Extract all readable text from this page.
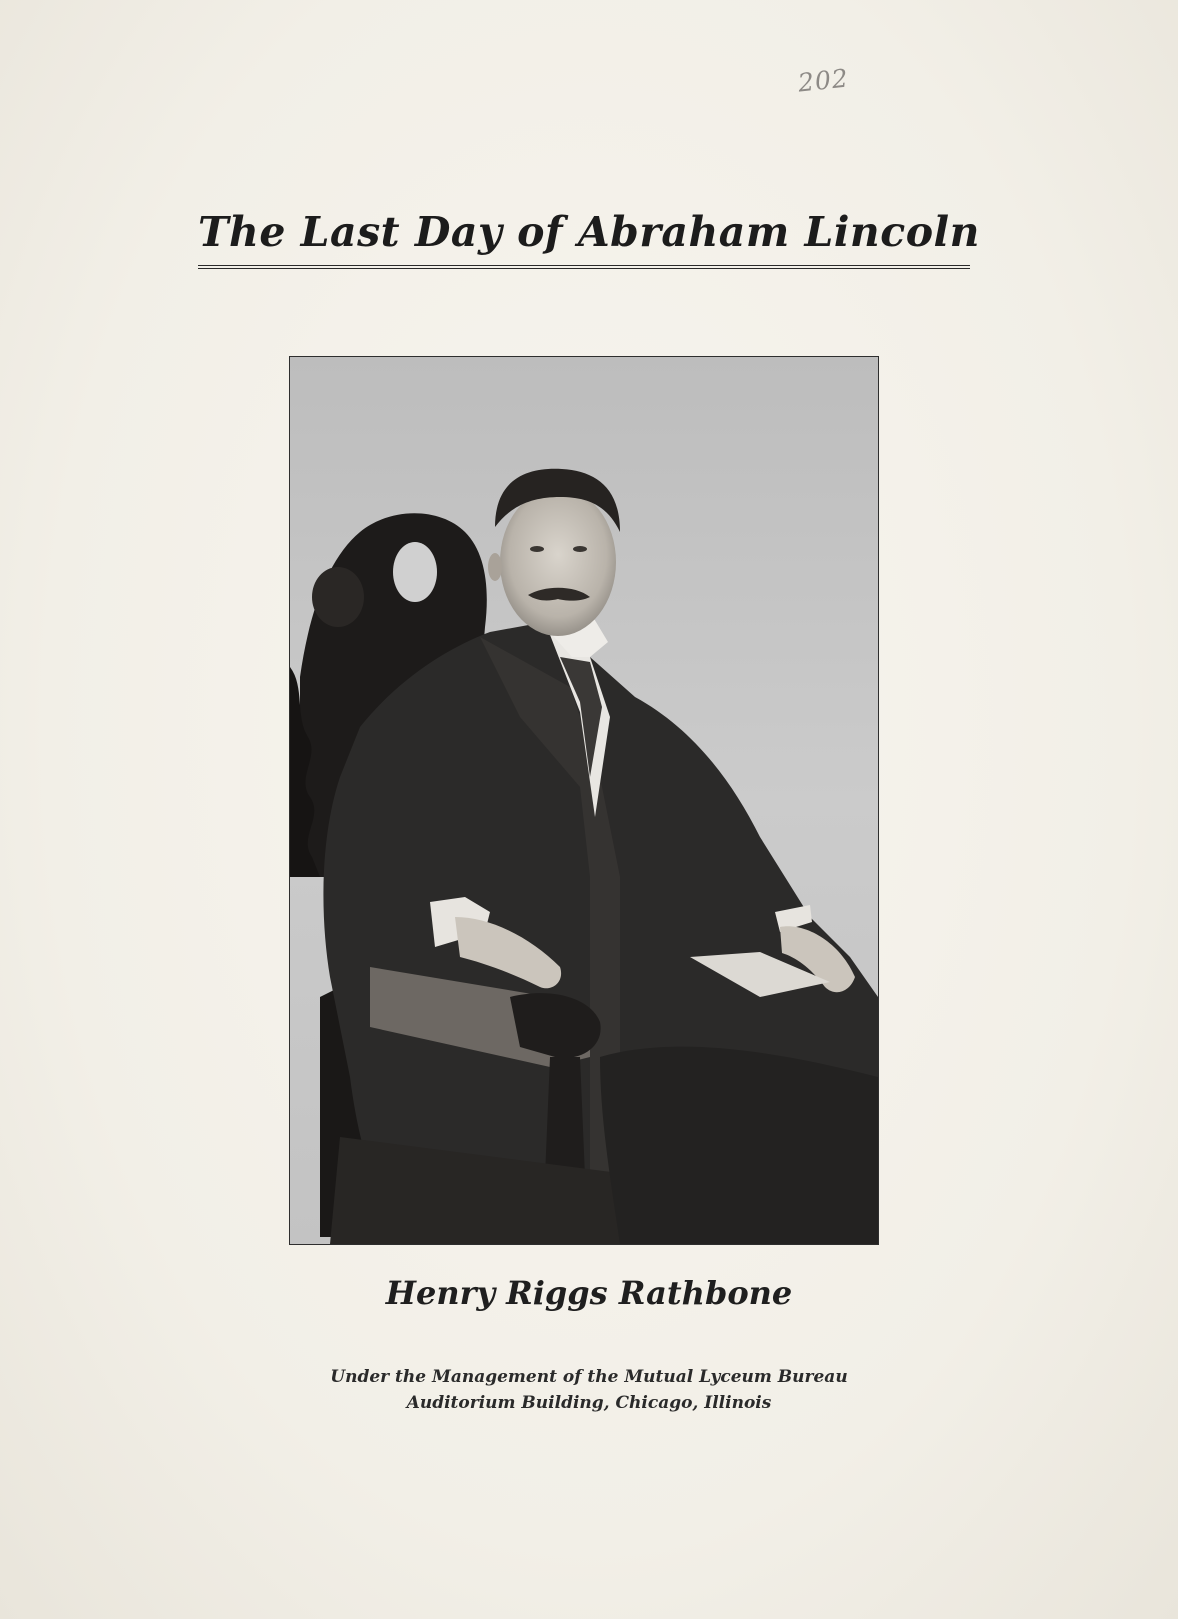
202
The Last Day of Abraham Lincoln
Henry Riggs Rathbone
Under the Management of the Mutual Lyceum Bureau
Auditorium Building, Chicago, Illinois
